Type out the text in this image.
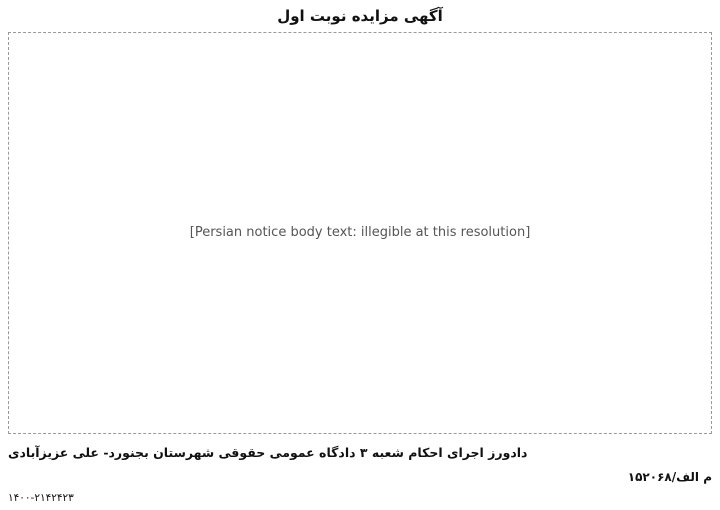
آگهی مزایده نوبت اول
[Persian notice body text: illegible at this resolution]
دادورز اجرای احکام شعبه ۳ دادگاه عمومی حقوقی شهرستان بجنورد- علی عزیزآبادی
م الف/۱۵۲۰۶۸
۱۴۰۰-۲۱۴۲۴۲۳
